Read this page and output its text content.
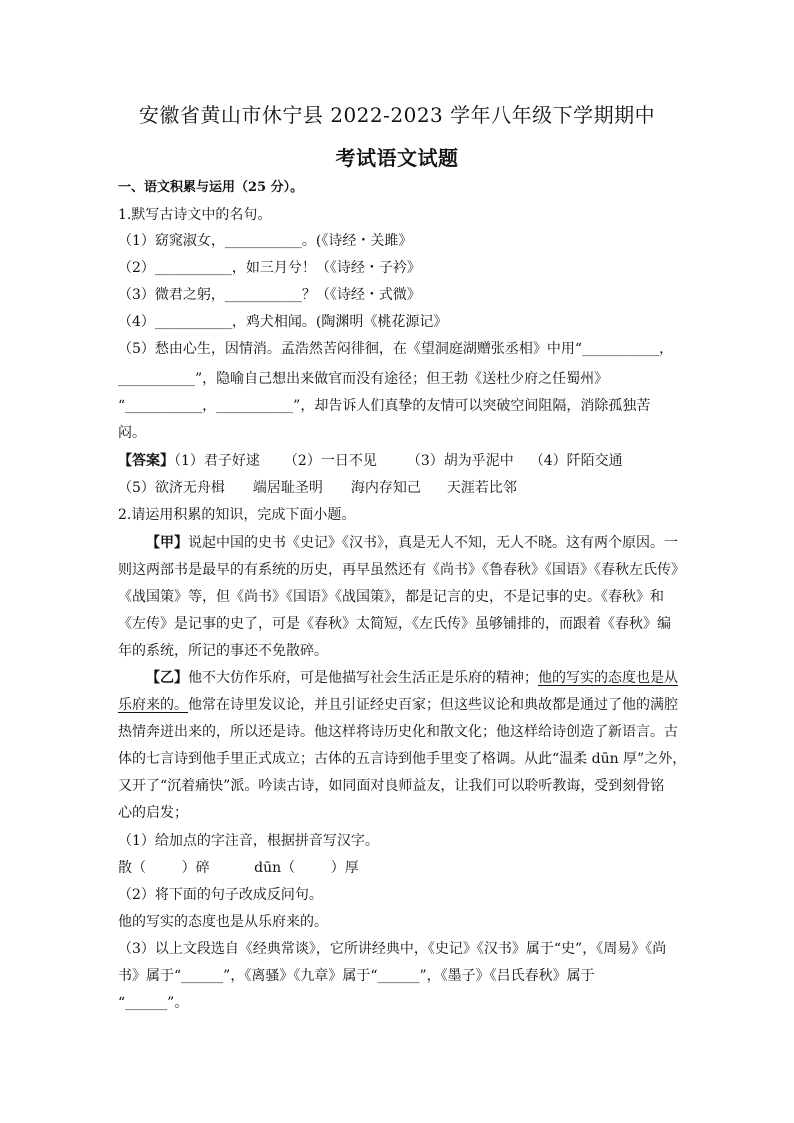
安徽省黄山市休宁县 2022-2023 学年八年级下学期期中
考试语文试题
一、语文积累与运用（25 分）。
1.默写古诗文中的名句。
（1）窈窕淑女，___________。(《诗经・关雎》
（2）___________，如三月兮！（《诗经・子衿》
（3）微君之躬，___________？（《诗经・式微》
（4）___________，鸡犬相闻。(陶渊明《桃花源记》
（5）愁由心生，因情消。孟浩然苦闷徘徊，在《望洞庭湖赠张丞相》中用“___________，
___________”，隐喻自己想出来做官而没有途径；但王勃《送杜少府之任蜀州》
“___________，___________”，却告诉人们真挚的友情可以突破空间阻隔，消除孤独苦
闷。
【答案】（1）君子好逑 （2）一日不见 （3）胡为乎泥中 （4）阡陌交通
（5）欲济无舟楫 端居耻圣明 海内存知己 天涯若比邻
2.请运用积累的知识，完成下面小题。
【甲】说起中国的史书《史记》《汉书》，真是无人不知，无人不晓。这有两个原因。一
则这两部书是最早的有系统的历史，再早虽然还有《尚书》《鲁春秋》《国语》《春秋左氏传》
《战国策》等，但《尚书》《国语》《战国策》，都是记言的史，不是记事的史。《春秋》和
《左传》是记事的史了，可是《春秋》太简短，《左氏传》虽够铺排的，而跟着《春秋》编
年的系统，所记的事还不免散碎。
【乙】他不大仿作乐府，可是他描写社会生活正是乐府的精神；他的写实的态度也是从
乐府来的。他常在诗里发议论，并且引证经史百家；但这些议论和典故都是通过了他的满腔
热情奔迸出来的，所以还是诗。他这样将诗历史化和散文化；他这样给诗创造了新语言。古
体的七言诗到他手里正式成立；古体的五言诗到他手里变了格调。从此“温柔 dūn 厚”之外，
又开了“沉着痛快”派。吟读古诗，如同面对良师益友，让我们可以聆听教诲，受到刻骨铭
心的启发；
（1）给加点的字注音，根据拼音写汉字。
散（        ）碎          dūn（        ）厚
（2）将下面的句子改成反问句。
他的写实的态度也是从乐府来的。
（3）以上文段选自《经典常谈》，它所讲经典中，《史记》《汉书》属于“史”，《周易》《尚
书》属于“______”，《离骚》《九章》属于“______”，《墨子》《吕氏春秋》属于
“______”。
